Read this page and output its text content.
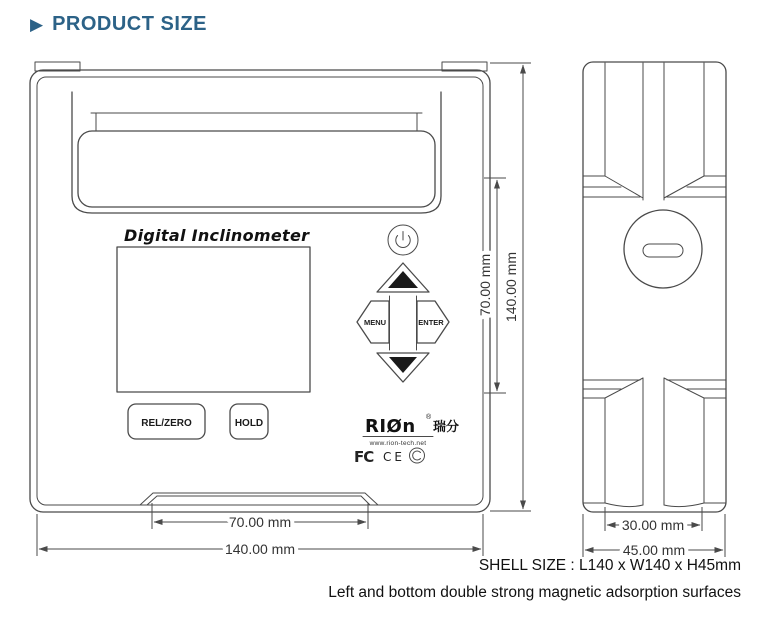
▶ PRODUCT SIZE
Digital Inclinometer
MENU	ENTER
REL/ZERO	HOLD	RIØn ®
瑞分
www.rion-tech.net
FC CE
70.00 mm
140.00 mm
70.00 mm 140.00 mm
30.00 mm
45.00 mm
SHELL SIZE : L140 x W140 x H45mm
Left and bottom double strong magnetic adsorption surfaces
